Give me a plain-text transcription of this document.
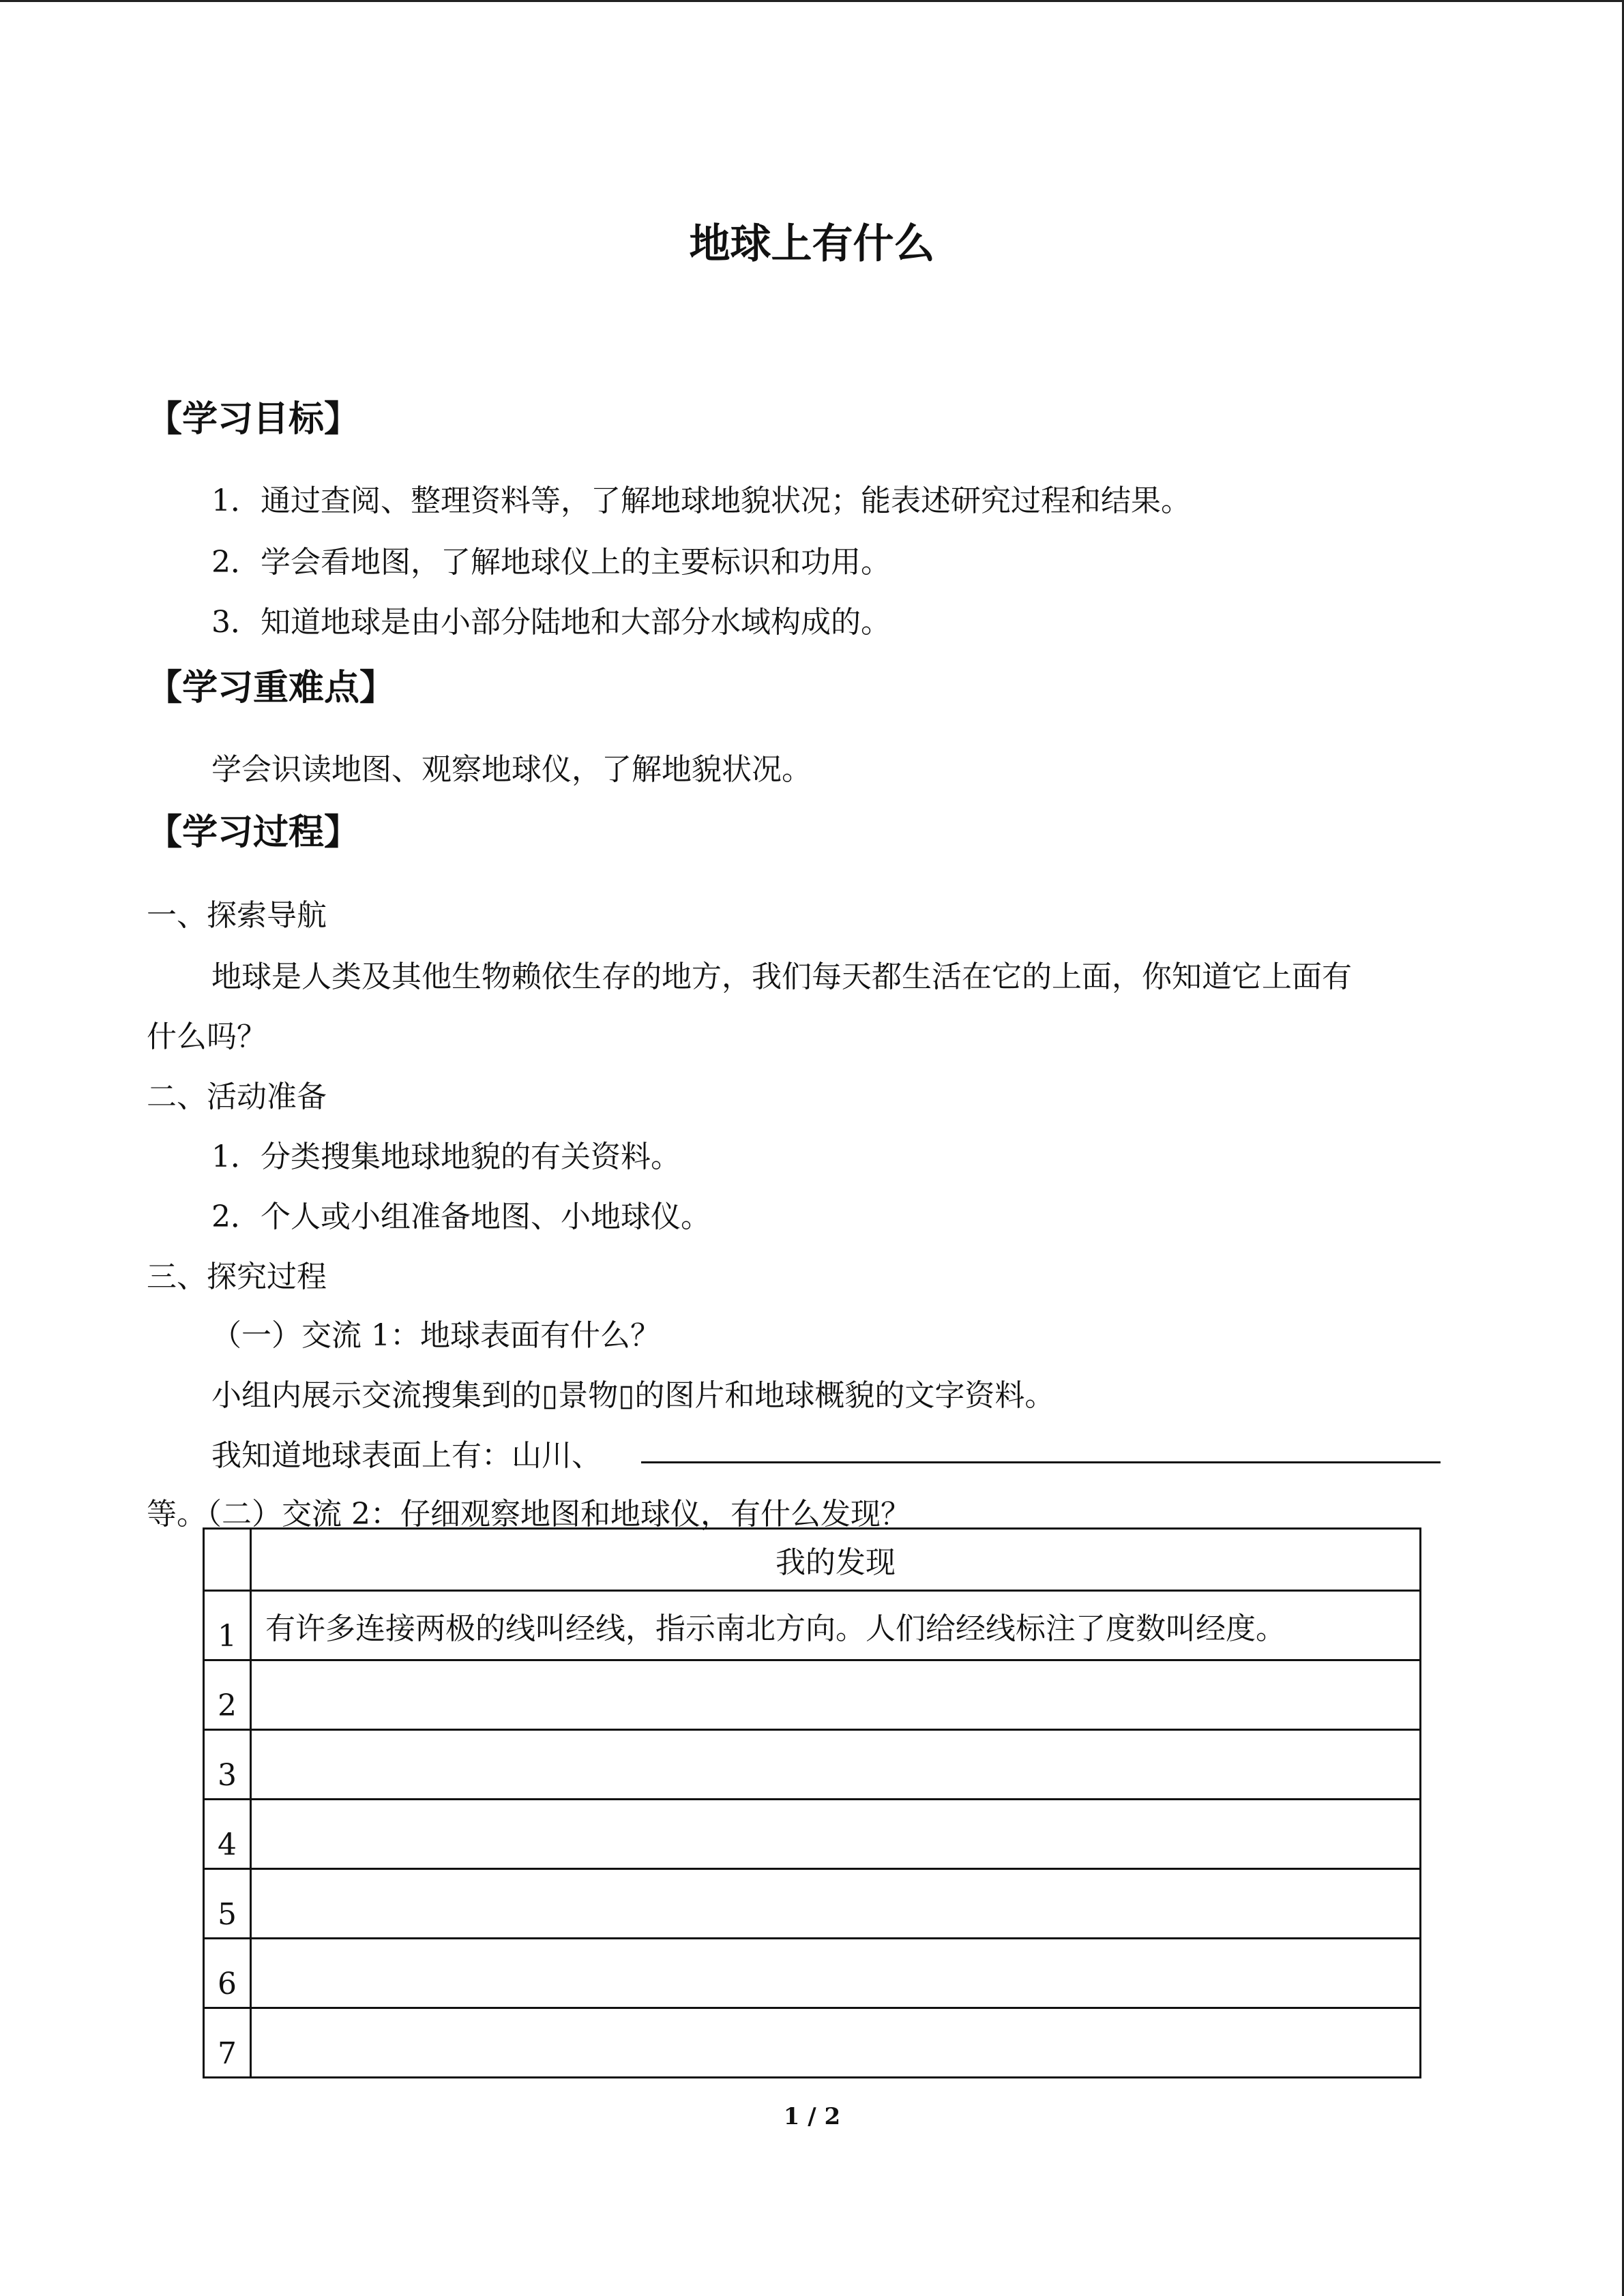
地球上有什么
【学习目标】
1．通过查阅、整理资料等，了解地球地貌状况；能表述研究过程和结果。
2．学会看地图，了解地球仪上的主要标识和功用。
3．知道地球是由小部分陆地和大部分水域构成的。
【学习重难点】
学会识读地图、观察地球仪，了解地貌状况。
【学习过程】
一、探索导航
地球是人类及其他生物赖依生存的地方，我们每天都生活在它的上面，你知道它上面有
什么吗？
二、活动准备
1．分类搜集地球地貌的有关资料。
2．个人或小组准备地图、小地球仪。
三、探究过程
（一）交流 1：地球表面有什么？
小组内展示交流搜集到的▯景物▯的图片和地球概貌的文字资料。
我知道地球表面上有：山川、
等。（二）交流 2：仔细观察地图和地球仪，有什么发现？
	我的发现
1	有许多连接两极的线叫经线，指示南北方向。人们给经线标注了度数叫经度。
2	
3	
4	
5	
6	
7	
1 / 2
